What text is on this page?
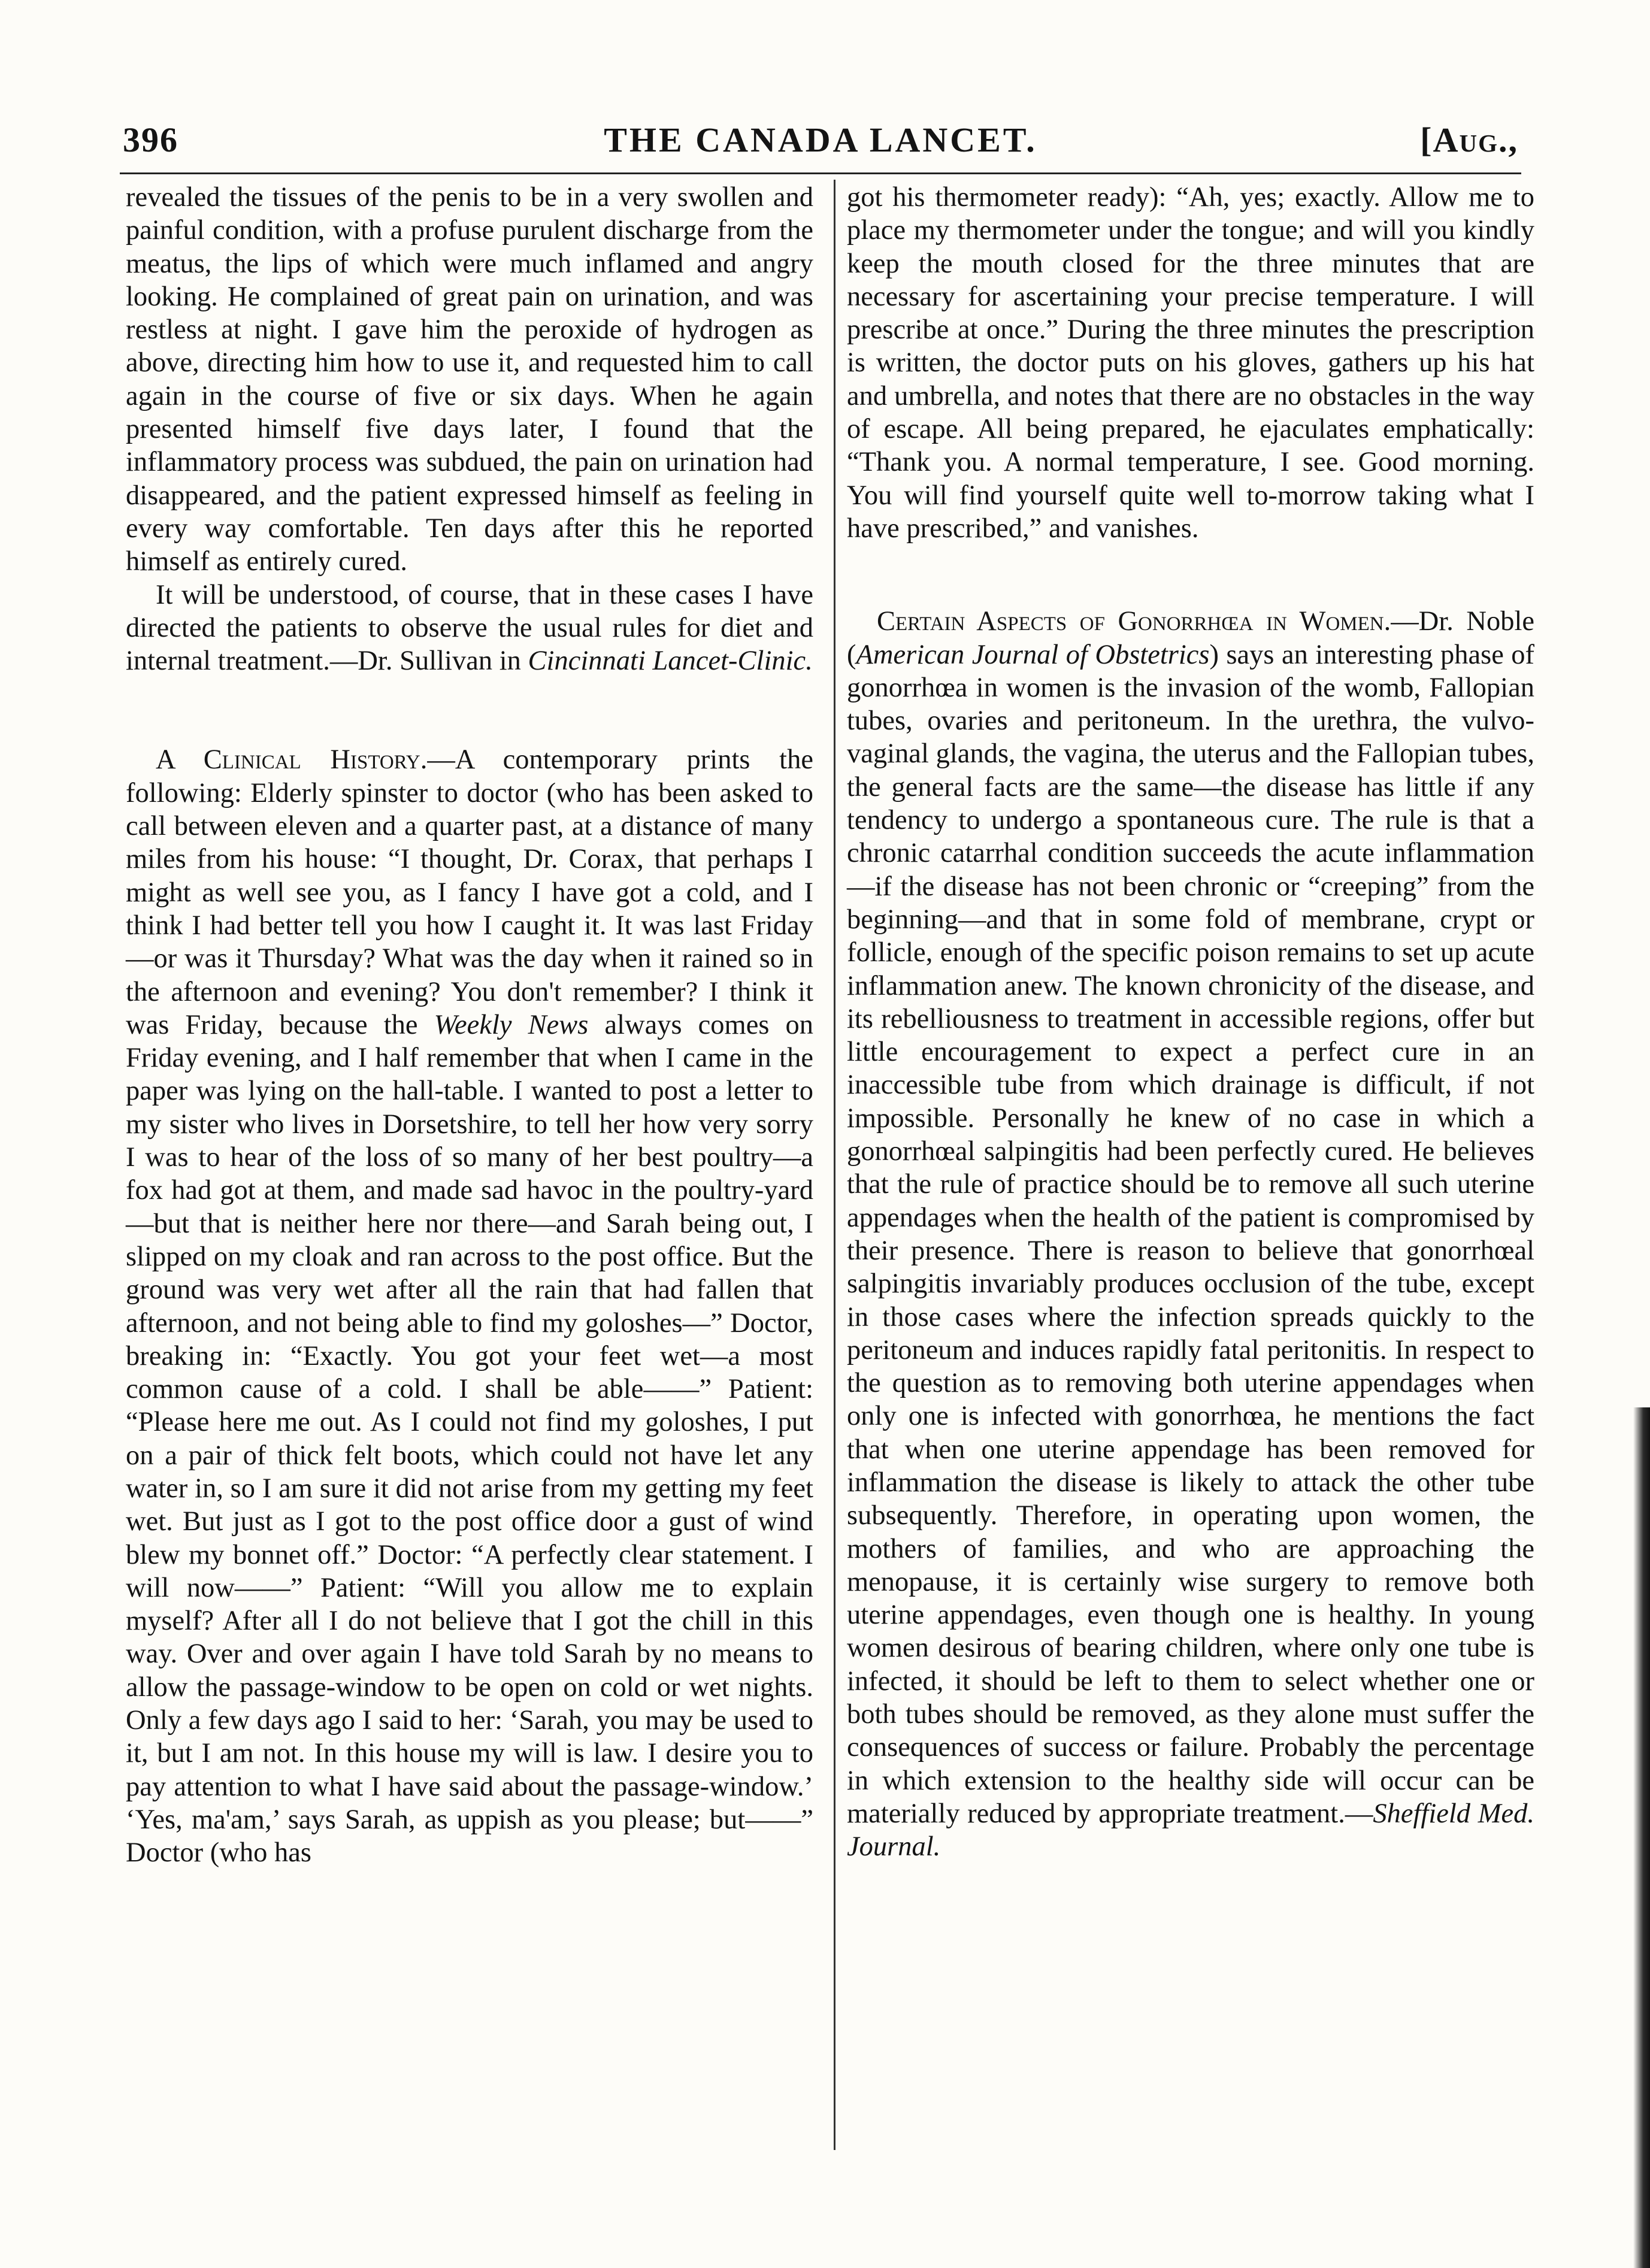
396	THE CANADA LANCET.	[Aug.,

revealed the tissues of the penis to be in a very swollen and painful condition, with a profuse purulent discharge from the meatus, the lips of which were much inflamed and angry looking. He complained of great pain on urination, and was restless at night. I gave him the peroxide of hydrogen as above, directing him how to use it, and requested him to call again in the course of five or six days. When he again presented himself five days later, I found that the inflammatory process was subdued, the pain on urination had disappeared, and the patient expressed himself as feeling in every way comfortable. Ten days after this he reported himself as entirely cured.

It will be understood, of course, that in these cases I have directed the patients to observe the usual rules for diet and internal treatment.—Dr. Sullivan in Cincinnati Lancet-Clinic.

A Clinical History.—A contemporary prints the following: Elderly spinster to doctor (who has been asked to call between eleven and a quarter past, at a distance of many miles from his house: “I thought, Dr. Corax, that perhaps I might as well see you, as I fancy I have got a cold, and I think I had better tell you how I caught it. It was last Friday—or was it Thursday? What was the day when it rained so in the afternoon and evening? You don't remember? I think it was Friday, because the Weekly News always comes on Friday evening, and I half remember that when I came in the paper was lying on the hall-table. I wanted to post a letter to my sister who lives in Dorsetshire, to tell her how very sorry I was to hear of the loss of so many of her best poultry—a fox had got at them, and made sad havoc in the poultry-yard—but that is neither here nor there—and Sarah being out, I slipped on my cloak and ran across to the post office. But the ground was very wet after all the rain that had fallen that afternoon, and not being able to find my goloshes—” Doctor, breaking in: “Exactly. You got your feet wet—a most common cause of a cold. I shall be able——” Patient: “Please here me out. As I could not find my goloshes, I put on a pair of thick felt boots, which could not have let any water in, so I am sure it did not arise from my getting my feet wet. But just as I got to the post office door a gust of wind blew my bonnet off.” Doctor: “A perfectly clear statement. I will now——” Patient: “Will you allow me to explain myself? After all I do not believe that I got the chill in this way. Over and over again I have told Sarah by no means to allow the passage-window to be open on cold or wet nights. Only a few days ago I said to her: ‘Sarah, you may be used to it, but I am not. In this house my will is law. I desire you to pay attention to what I have said about the passage-window.’ ‘Yes, ma'am,’ says Sarah, as uppish as you please; but——” Doctor (who has

got his thermometer ready): “Ah, yes; exactly. Allow me to place my thermometer under the tongue; and will you kindly keep the mouth closed for the three minutes that are necessary for ascertaining your precise temperature. I will prescribe at once.” During the three minutes the prescription is written, the doctor puts on his gloves, gathers up his hat and umbrella, and notes that there are no obstacles in the way of escape. All being prepared, he ejaculates emphatically: “Thank you. A normal temperature, I see. Good morning. You will find yourself quite well to-morrow taking what I have prescribed,” and vanishes.

Certain Aspects of Gonorrhœa in Women.—Dr. Noble (American Journal of Obstetrics) says an interesting phase of gonorrhœa in women is the invasion of the womb, Fallopian tubes, ovaries and peritoneum. In the urethra, the vulvo-vaginal glands, the vagina, the uterus and the Fallopian tubes, the general facts are the same—the disease has little if any tendency to undergo a spontaneous cure. The rule is that a chronic catarrhal condition succeeds the acute inflammation—if the disease has not been chronic or “creeping” from the beginning—and that in some fold of membrane, crypt or follicle, enough of the specific poison remains to set up acute inflammation anew. The known chronicity of the disease, and its rebelliousness to treatment in accessible regions, offer but little encouragement to expect a perfect cure in an inaccessible tube from which drainage is difficult, if not impossible. Personally he knew of no case in which a gonorrhœal salpingitis had been perfectly cured. He believes that the rule of practice should be to remove all such uterine appendages when the health of the patient is compromised by their presence. There is reason to believe that gonorrhœal salpingitis invariably produces occlusion of the tube, except in those cases where the infection spreads quickly to the peritoneum and induces rapidly fatal peritonitis. In respect to the question as to removing both uterine appendages when only one is infected with gonorrhœa, he mentions the fact that when one uterine appendage has been removed for inflammation the disease is likely to attack the other tube subsequently. Therefore, in operating upon women, the mothers of families, and who are approaching the menopause, it is certainly wise surgery to remove both uterine appendages, even though one is healthy. In young women desirous of bearing children, where only one tube is infected, it should be left to them to select whether one or both tubes should be removed, as they alone must suffer the consequences of success or failure. Probably the percentage in which extension to the healthy side will occur can be materially reduced by appropriate treatment.—Sheffield Med. Journal.
